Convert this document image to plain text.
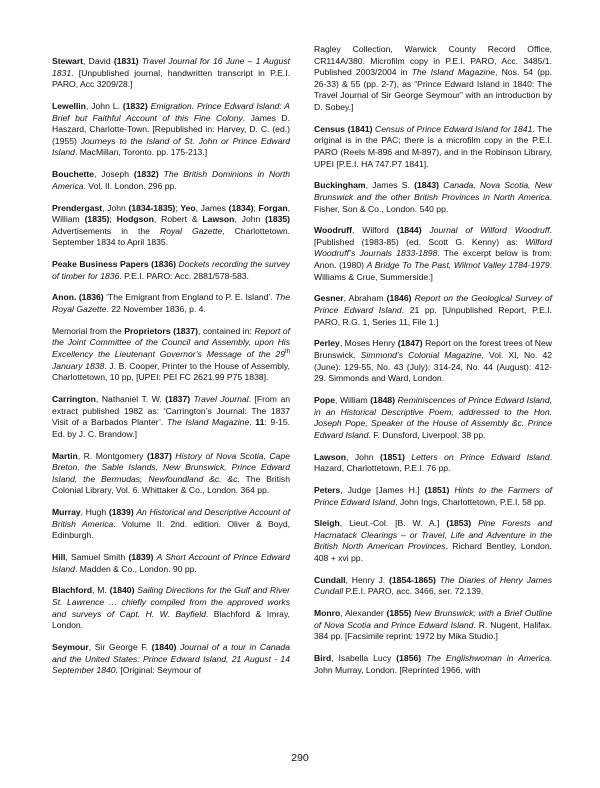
Stewart, David (1831) Travel Journal for 16 June – 1 August 1831. [Unpublished journal, handwritten transcript in P.E.I. PARO, Acc 3209/28.]

Lewellin, John L. (1832) Emigration. Prince Edward Island: A Brief but Faithful Account of this Fine Colony. James D. Haszard, Charlotte-Town. [Republished in: Harvey, D. C. (ed.) (1955) Journeys to the Island of St. John or Prince Edward Island. MacMillan, Toronto. pp. 175-213.]

Bouchette, Joseph (1832) The British Dominions in North America. Vol. II. London. 296 pp.

Prendergast, John (1834-1835); Yeo, James (1834); Forgan, William (1835); Hodgson, Robert & Lawson, John (1835) Advertisements in the Royal Gazette, Charlottetown. September 1834 to April 1835.

Peake Business Papers (1836) Dockets recording the survey of timber for 1836. P.E.I. PARO: Acc. 2881/578-583.

Anon. (1836) ‘The Emigrant from England to P. E. Island’. The Royal Gazette. 22 November 1836, p. 4.

Memorial from the Proprietors (1837), contained in: Report of the Joint Committee of the Council and Assembly, upon His Excellency the Lieutenant Governor’s Message of the 29th January 1838. J. B. Cooper, Printer to the House of Assembly, Charlottetown, 10 pp, [UPEI: PEI FC 2621.99 P75 1838].

Carrington, Nathaniel T. W. (1837) Travel Journal. [From an extract published 1982 as: ‘Carrington’s Journal: The 1837 Visit of a Barbados Planter’. The Island Magazine. 11: 9-15. Ed. by J. C. Brandow.]

Martin, R. Montgomery (1837) History of Nova Scotia, Cape Breton, the Sable Islands, New Brunswick, Prince Edward Island, the Bermudas, Newfoundland &c. &c. The British Colonial Library, Vol. 6. Whittaker & Co., London. 364 pp.

Murray, Hugh (1839) An Historical and Descriptive Account of British America. Volume II. 2nd. edition. Oliver & Boyd, Edinburgh.

Hill, Samuel Smith (1839) A Short Account of Prince Edward Island. Madden & Co., London. 90 pp.

Blachford, M. (1840) Sailing Directions for the Gulf and River St. Lawrence … chiefly compiled from the approved works and surveys of Capt. H. W. Bayfield. Blachford & Imray, London.

Seymour, Sir George F. (1840) Journal of a tour in Canada and the United States: Prince Edward Island, 21 August - 14 September 1840. [Original: Seymour of

Ragley Collection, Warwick County Record Office, CR114A/380. Microfilm copy in P.E.I. PARO, Acc. 3485/1. Published 2003/2004 in The Island Magazine, Nos. 54 (pp. 26-33) & 55 (pp. 2-7), as “Prince Edward Island in 1840: The Travel Journal of Sir George Seymour” with an introduction by D. Sobey.]

Census (1841) Census of Prince Edward Island for 1841. The original is in the PAC; there is a microfilm copy in the P.E.I. PARO (Reels M-896 and M-897), and in the Robinson Library, UPEI [P.E.I. HA 747.P7 1841].

Buckingham, James S. (1843) Canada, Nova Scotia, New Brunswick and the other British Provinces in North America. Fisher, Son & Co., London. 540 pp.

Woodruff, Wilford (1844) Journal of Wilford Woodruff. [Published (1983-85) (ed. Scott G. Kenny) as: Wilford Woodruff’s Journals 1833-1898. The excerpt below is from: Anon. (1980) A Bridge To The Past, Wilmot Valley 1784-1979. Williams & Crue, Summerside.]

Gesner, Abraham (1846) Report on the Geological Survey of Prince Edward Island. 21 pp. [Unpublished Report, P.E.I. PARO, R.G. 1, Series 11, File 1.]

Perley, Moses Henry (1847) Report on the forest trees of New Brunswick. Simmond’s Colonial Magazine, Vol. XI, No. 42 (June): 129-55, No. 43 (July): 314-24, No. 44 (August): 412-29. Simmonds and Ward, London.

Pope, William (1848) Reminiscences of Prince Edward Island, in an Historical Descriptive Poem, addressed to the Hon. Joseph Pope, Speaker of the House of Assembly &c. Prince Edward Island. F. Dunsford, Liverpool. 38 pp.

Lawson, John (1851) Letters on Prince Edward Island. Hazard, Charlottetown, P.E.I. 76 pp.

Peters, Judge [James H.] (1851) Hints to the Farmers of Prince Edward Island. John Ings, Charlottetown, P.E.I. 58 pp.

Sleigh, Lieut.-Col. [B. W. A.] (1853) Pine Forests and Hacmatack Clearings – or Travel, Life and Adventure in the British North American Provinces. Richard Bentley, London. 408 + xvi pp.

Cundall, Henry J. (1854-1865) The Diaries of Henry James Cundall P.E.I. PARO, acc. 3466, ser. 72.139.

Monro, Alexander (1855) New Brunswick; with a Brief Outline of Nova Scotia and Prince Edward Island. R. Nugent, Halifax. 384 pp. [Facsimile reprint: 1972 by Mika Studio.]

Bird, Isabella Lucy (1856) The Englishwoman in America. John Murray, London. [Reprinted 1966, with

290
